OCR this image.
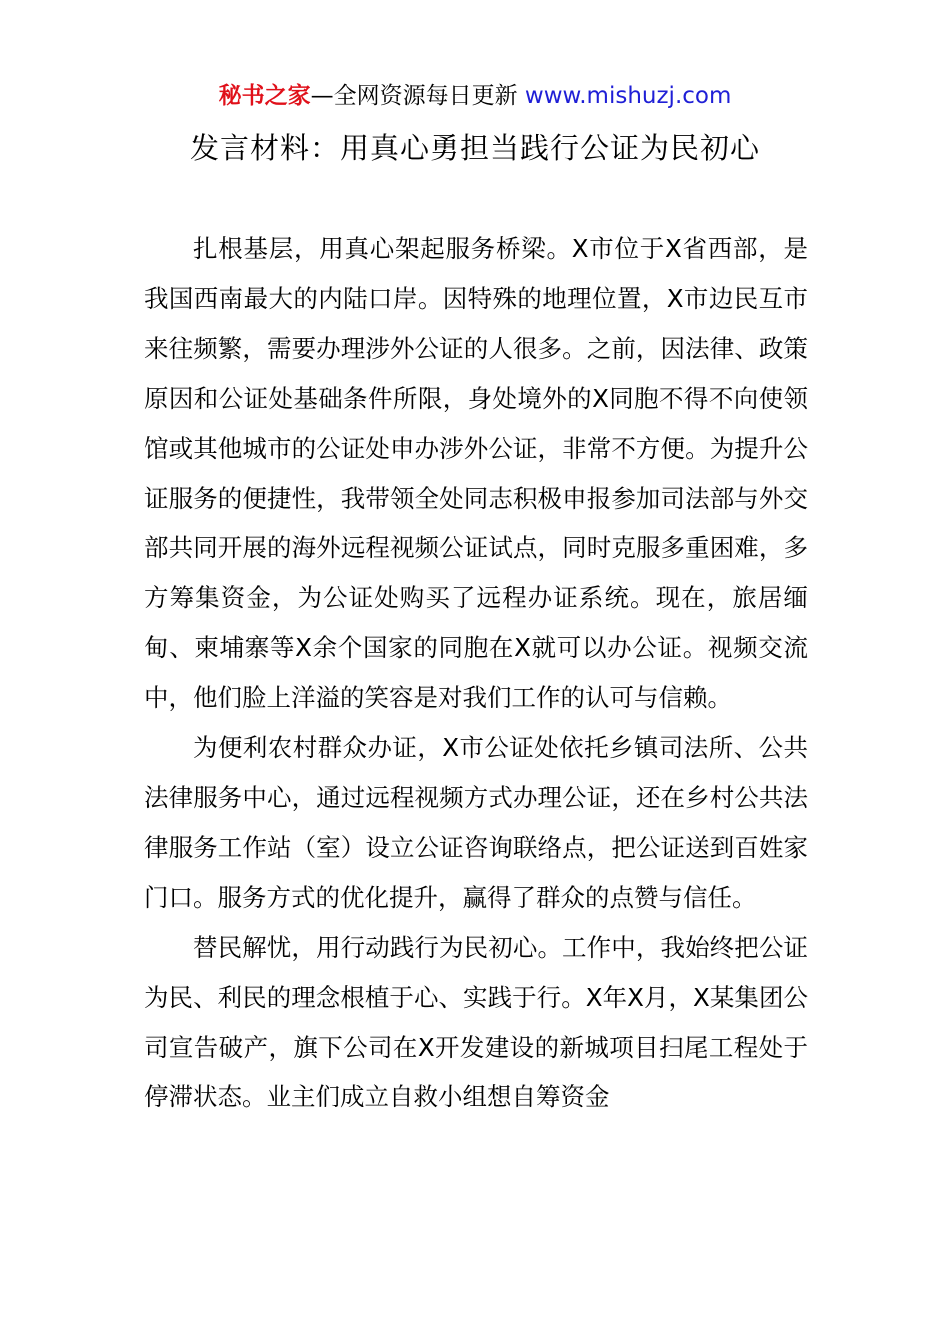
秘书之家—全网资源每日更新 www.mishuzj.com
发言材料：用真心勇担当践行公证为民初心

扎根基层，用真心架起服务桥梁。X市位于X省西部，是我国西南最大的内陆口岸。因特殊的地理位置，X市边民互市来往频繁，需要办理涉外公证的人很多。之前，因法律、政策原因和公证处基础条件所限，身处境外的X同胞不得不向使领馆或其他城市的公证处申办涉外公证，非常不方便。为提升公证服务的便捷性，我带领全处同志积极申报参加司法部与外交部共同开展的海外远程视频公证试点，同时克服多重困难，多方筹集资金，为公证处购买了远程办证系统。现在，旅居缅甸、柬埔寨等X余个国家的同胞在X就可以办公证。视频交流中，他们脸上洋溢的笑容是对我们工作的认可与信赖。

为便利农村群众办证，X市公证处依托乡镇司法所、公共法律服务中心，通过远程视频方式办理公证，还在乡村公共法律服务工作站（室）设立公证咨询联络点，把公证送到百姓家门口。服务方式的优化提升，赢得了群众的点赞与信任。

替民解忧，用行动践行为民初心。工作中，我始终把公证为民、利民的理念根植于心、实践于行。X年X月，X某集团公司宣告破产，旗下公司在X开发建设的新城项目扫尾工程处于停滞状态。业主们成立自救小组想自筹资金
